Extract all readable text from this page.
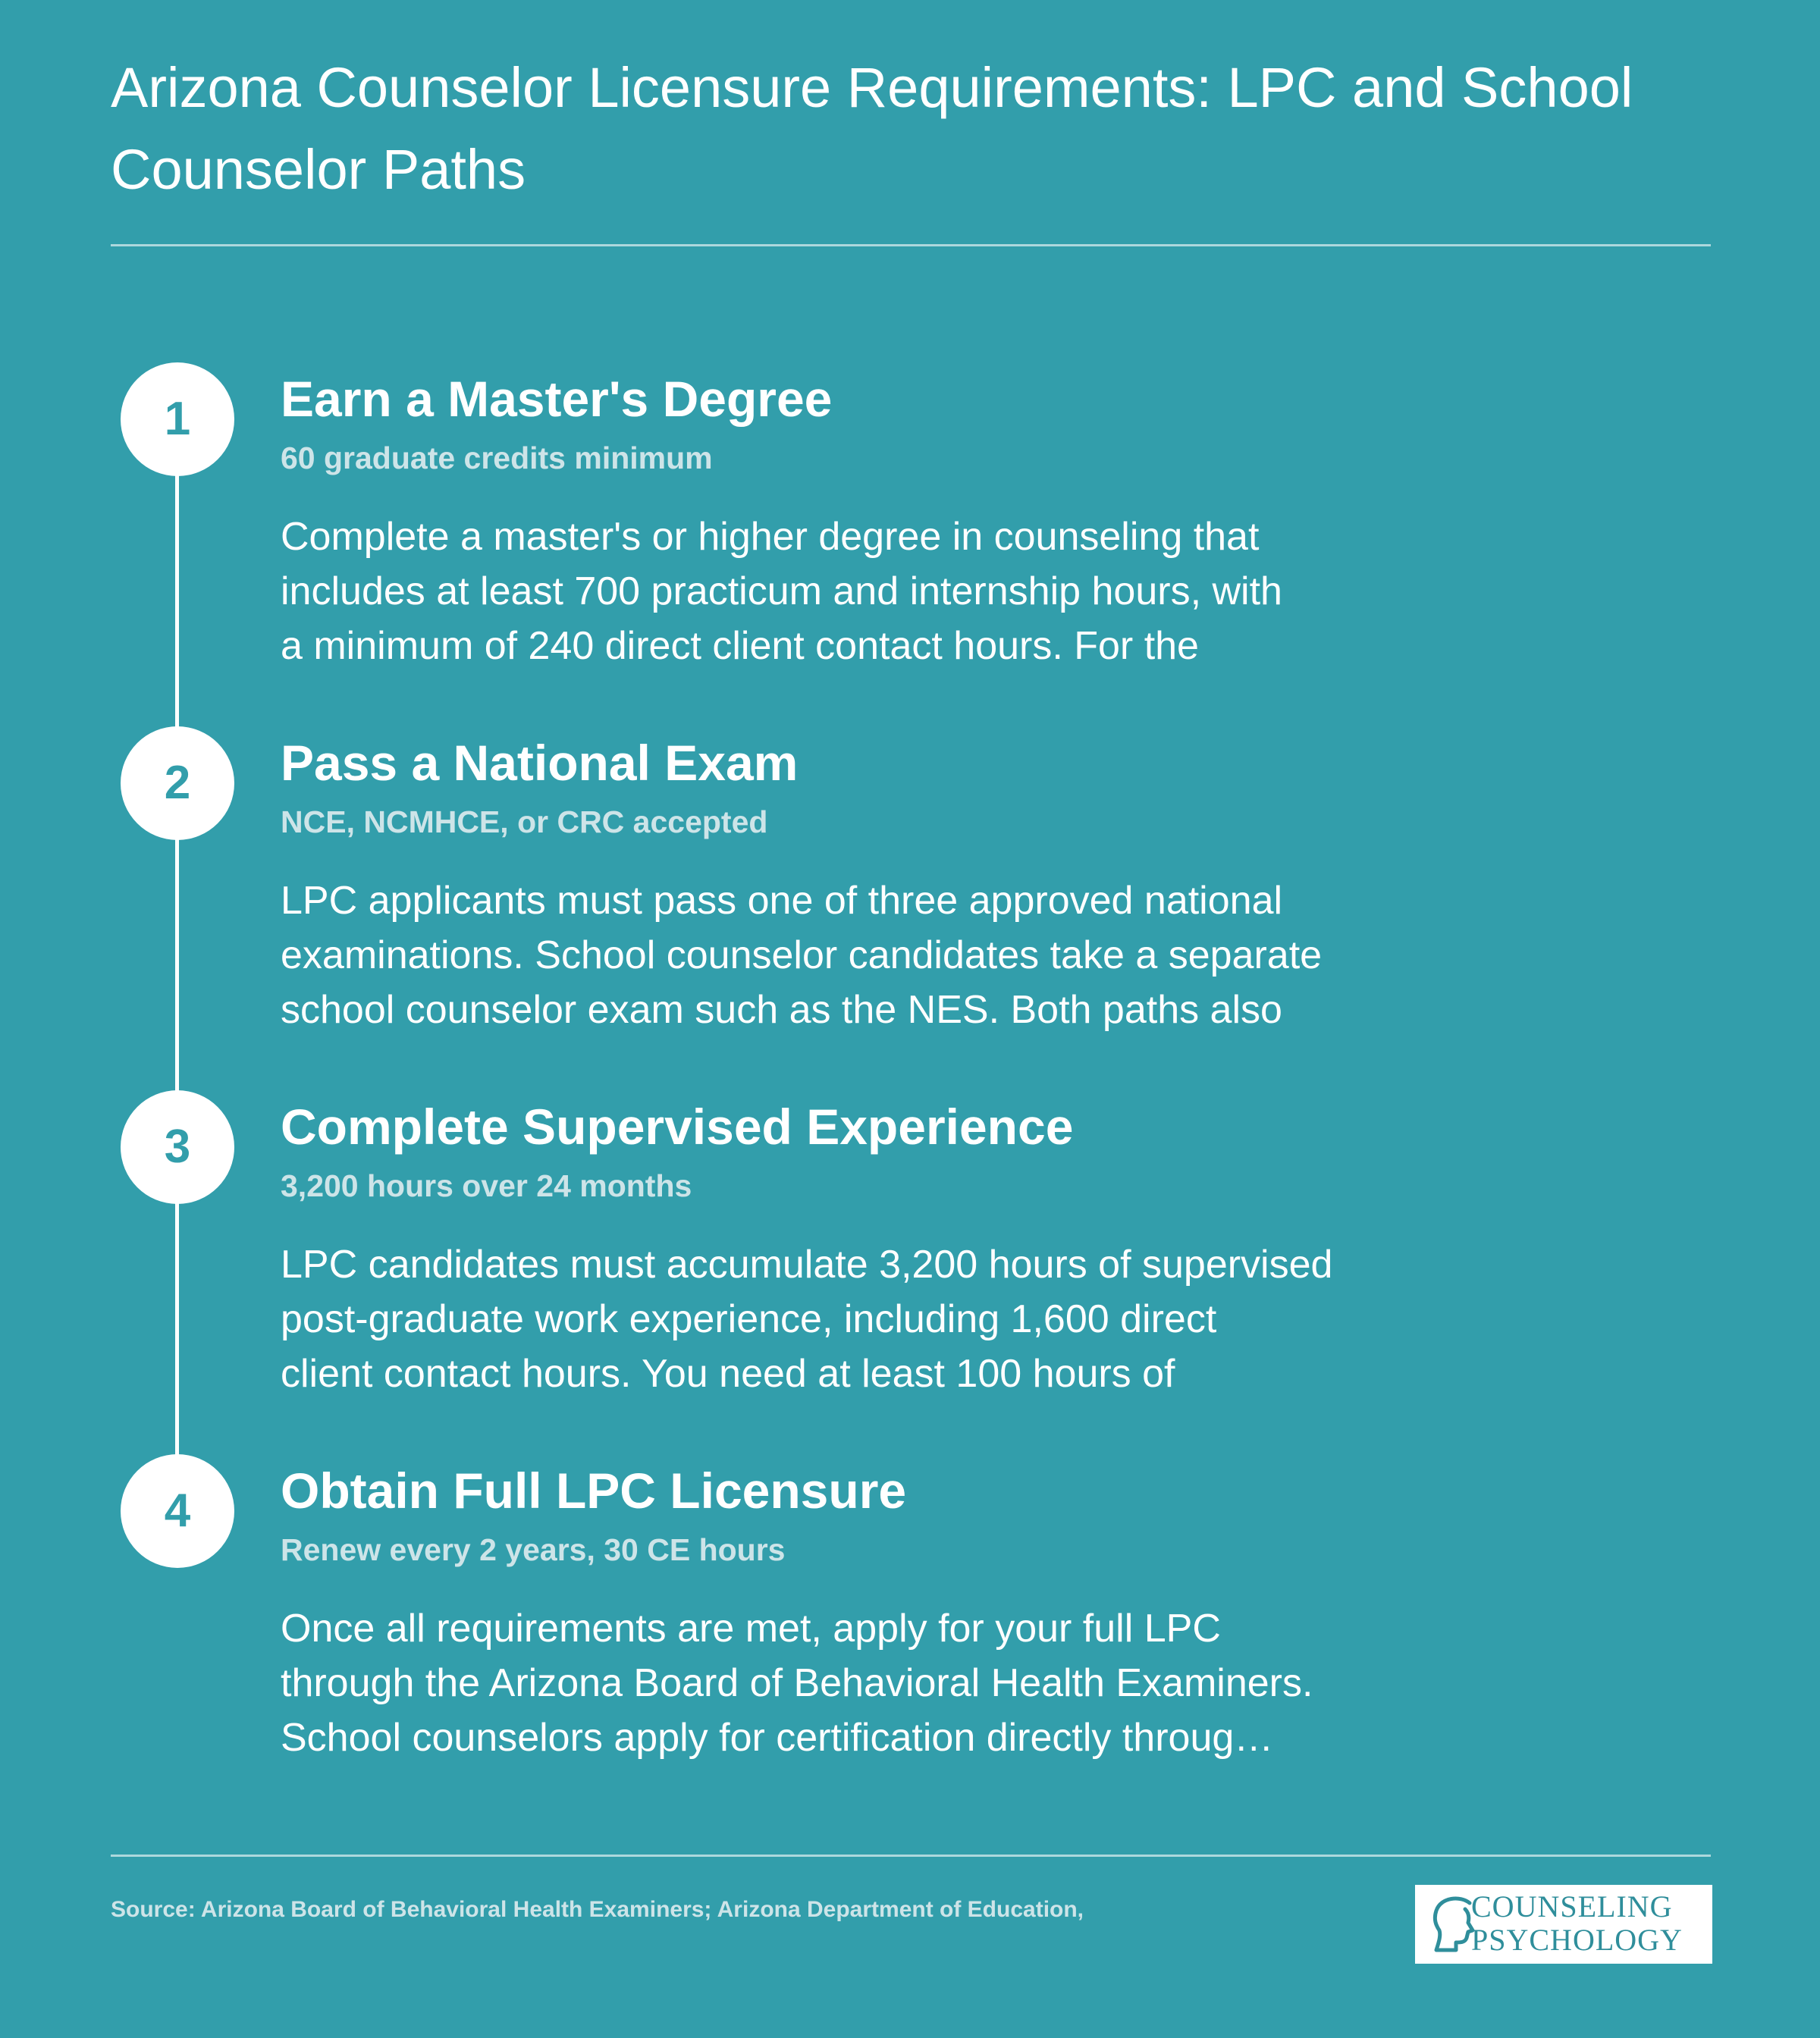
Arizona Counselor Licensure Requirements: LPC and School Counselor Paths
1	Earn a Master's Degree
60 graduate credits minimum
Complete a master's or higher degree in counseling that
includes at least 700 practicum and internship hours, with
a minimum of 240 direct client contact hours. For the
2	Pass a National Exam
NCE, NCMHCE, or CRC accepted
LPC applicants must pass one of three approved national
examinations. School counselor candidates take a separate
school counselor exam such as the NES. Both paths also
3	Complete Supervised Experience
3,200 hours over 24 months
LPC candidates must accumulate 3,200 hours of supervised
post-graduate work experience, including 1,600 direct
client contact hours. You need at least 100 hours of
4	Obtain Full LPC Licensure
Renew every 2 years, 30 CE hours
Once all requirements are met, apply for your full LPC
through the Arizona Board of Behavioral Health Examiners.
School counselors apply for certification directly throug…
Source: Arizona Board of Behavioral Health Examiners; Arizona Department of Education,	COUNSELING
PSYCHOLOGY
